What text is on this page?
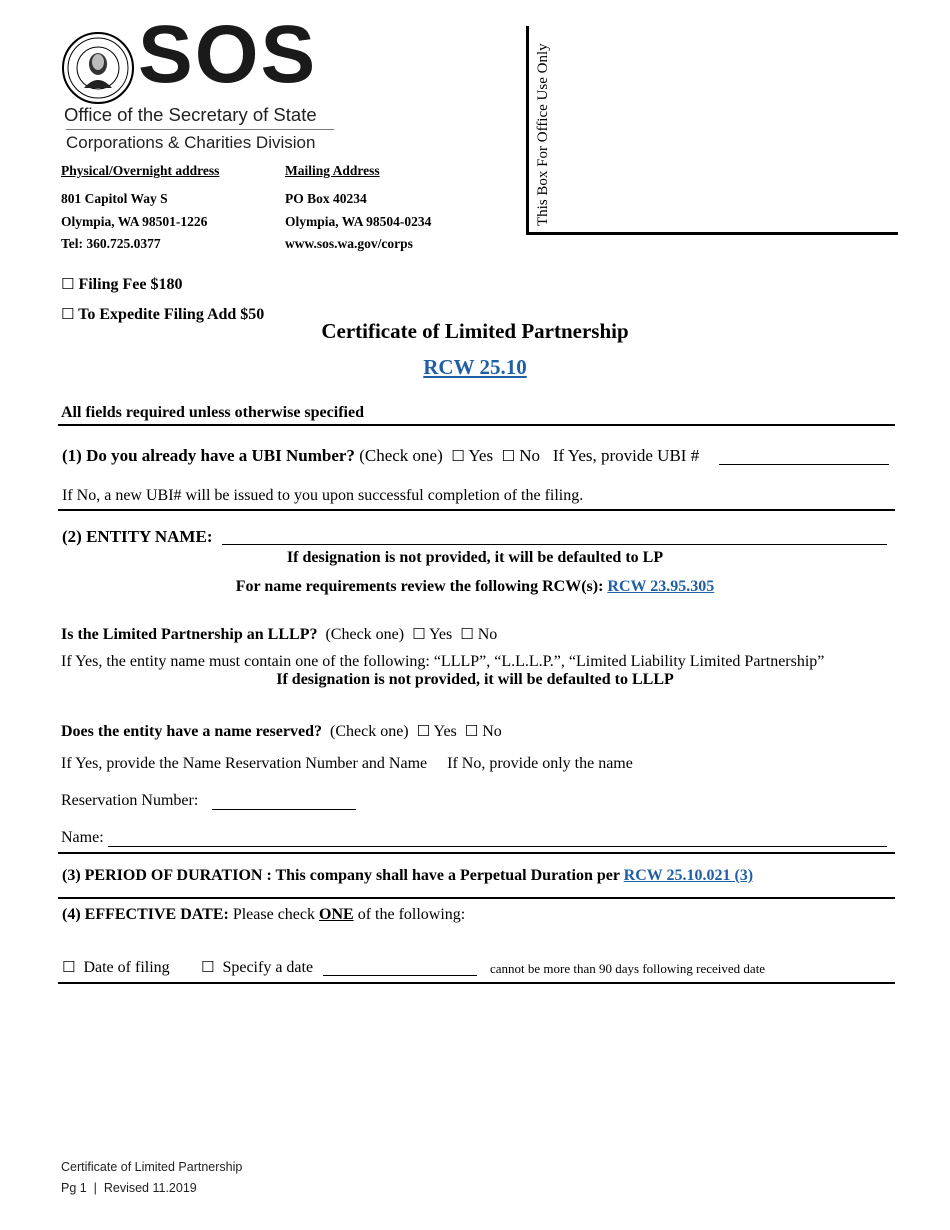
SOS
Office of the Secretary of State
Corporations & Charities Division
Physical/Overnight address
801 Capitol Way S
Olympia, WA 98501-1226
Tel: 360.725.0377
Mailing Address
PO Box 40234
Olympia, WA 98504-0234
www.sos.wa.gov/corps
This Box For Office Use Only
☐ Filing Fee $180
☐ To Expedite Filing Add $50
Certificate of Limited Partnership
RCW 25.10
All fields required unless otherwise specified
(1) Do you already have a UBI Number? (Check one) ☐ Yes ☐ No If Yes, provide UBI #
If No, a new UBI# will be issued to you upon successful completion of the filing.
(2) ENTITY NAME:
If designation is not provided, it will be defaulted to LP
For name requirements review the following RCW(s): RCW 23.95.305
Is the Limited Partnership an LLLP? (Check one) ☐ Yes ☐ No
If Yes, the entity name must contain one of the following: “LLLP”, “L.L.L.P.”, “Limited Liability Limited Partnership”
If designation is not provided, it will be defaulted to LLLP
Does the entity have a name reserved? (Check one) ☐ Yes ☐ No
If Yes, provide the Name Reservation Number and Name If No, provide only the name
Reservation Number:
Name:
(3) PERIOD OF DURATION : This company shall have a Perpetual Duration per RCW 25.10.021 (3)
(4) EFFECTIVE DATE: Please check ONE of the following:
☐ Date of filing ☐ Specify a date	cannot be more than 90 days following received date
Certificate of Limited Partnership
Pg 1  |  Revised 11.2019
